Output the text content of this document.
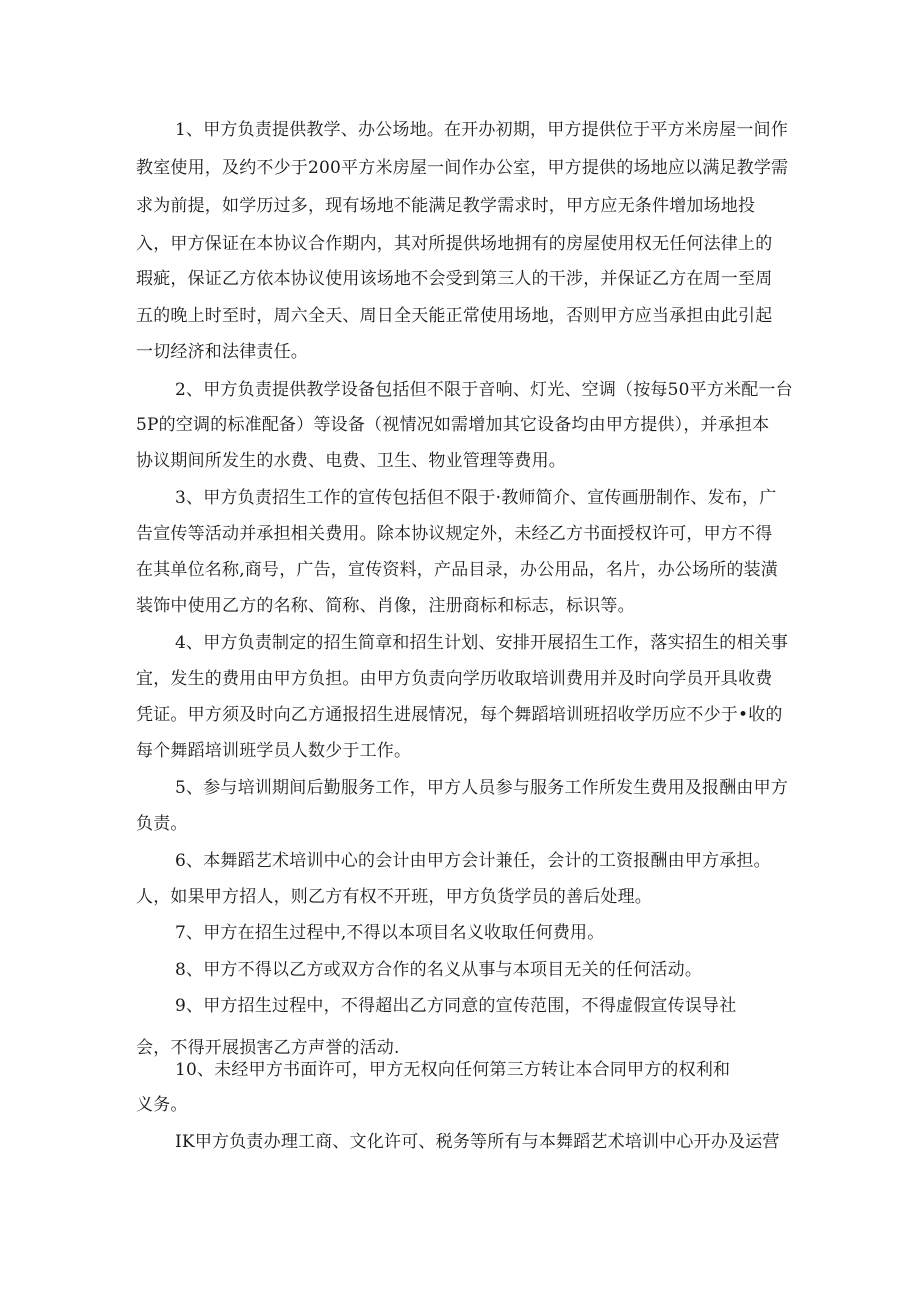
1、甲方负责提供教学、办公场地。在开办初期，甲方提供位于平方米房屋一间作
教室使用，及约不少于200平方米房屋一间作办公室，甲方提供的场地应以满足教学需
求为前提，如学历过多，现有场地不能满足教学需求时，甲方应无条件增加场地投
入，甲方保证在本协议合作期内，其对所提供场地拥有的房屋使用权无任何法律上的
瑕疵，保证乙方依本协议使用该场地不会受到第三人的干涉，并保证乙方在周一至周
五的晚上时至时，周六全天、周日全天能正常使用场地，否则甲方应当承担由此引起
一切经济和法律责任。
2、甲方负责提供教学设备包括但不限于音响、灯光、空调（按每50平方米配一台
5P的空调的标准配备）等设备（视情况如需增加其它设备均由甲方提供），并承担本
协议期间所发生的水费、电费、卫生、物业管理等费用。
3、甲方负责招生工作的宣传包括但不限于·教师简介、宣传画册制作、发布，广
告宣传等活动并承担相关费用。除本协议规定外，未经乙方书面授权许可，甲方不得
在其单位名称,商号，广告，宣传资料，产品目录，办公用品，名片，办公场所的装潢
装饰中使用乙方的名称、简称、肖像，注册商标和标志，标识等。
4、甲方负责制定的招生简章和招生计划、安排开展招生工作，落实招生的相关事
宜，发生的费用由甲方负担。由甲方负责向学历收取培训费用并及时向学员开具收费
凭证。甲方须及时向乙方通报招生进展情况，每个舞蹈培训班招收学历应不少于•收的
每个舞蹈培训班学员人数少于工作。
5、参与培训期间后勤服务工作，甲方人员参与服务工作所发生费用及报酬由甲方
负责。
6、本舞蹈艺术培训中心的会计由甲方会计兼任，会计的工资报酬由甲方承担。
人，如果甲方招人，则乙方有权不开班，甲方负货学员的善后处理。
7、甲方在招生过程中,不得以本项目名义收取任何费用。
8、甲方不得以乙方或双方合作的名义从事与本项目无关的任何活动。
9、甲方招生过程中，不得超出乙方同意的宣传范围，不得虚假宣传误导社
会，不得开展损害乙方声誉的活动.
10、未经甲方书面许可，甲方无权向任何第三方转让本合同甲方的权利和
义务。
IK甲方负责办理工商、文化许可、税务等所有与本舞蹈艺术培训中心开办及运营
